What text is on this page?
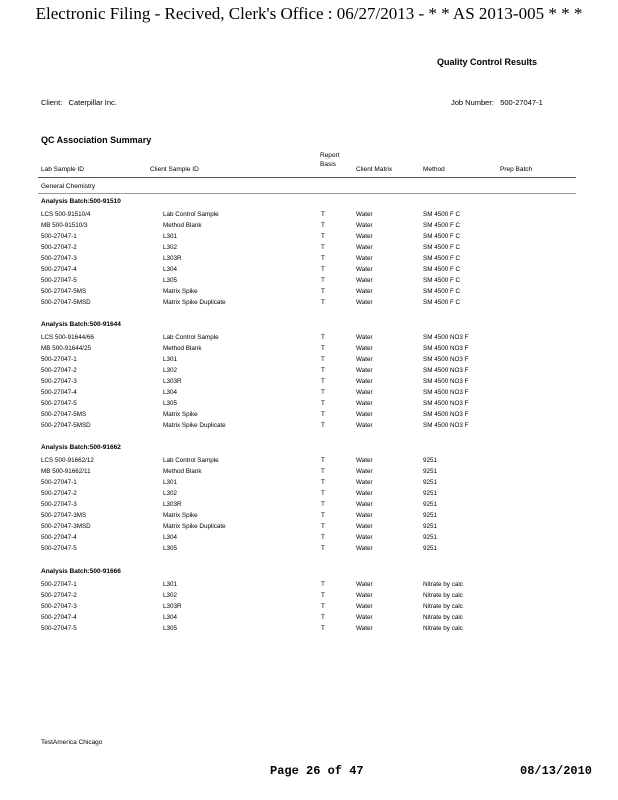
Electronic Filing - Recived, Clerk's Office : 06/27/2013 - * * AS 2013-005 * * *
Quality Control Results
Client: Caterpillar Inc.	Job Number: 500-27047-1
QC Association Summary
Lab Sample ID	Client Sample ID
Report
Basis
Client Matrix	Method	Prep Batch
General Chemistry
Analysis Batch:500-91510
LCS 500-91510/4	Lab Control Sample	T	Water	SM 4500 F C
MB 500-91510/3	Method Blank	T	Water	SM 4500 F C
500-27047-1	L301	T	Water	SM 4500 F C
500-27047-2	L302	T	Water	SM 4500 F C
500-27047-3	L303R	T	Water	SM 4500 F C
500-27047-4	L304	T	Water	SM 4500 F C
500-27047-5	L305	T	Water	SM 4500 F C
500-27047-5MS	Matrix Spike	T	Water	SM 4500 F C
500-27047-5MSD	Matrix Spike Duplicate	T	Water	SM 4500 F C
Analysis Batch:500-91644
LCS 500-91644/66	Lab Control Sample	T	Water	SM 4500 NO3 F
MB 500-91644/25	Method Blank	T	Water	SM 4500 NO3 F
500-27047-1	L301	T	Water	SM 4500 NO3 F
500-27047-2	L302	T	Water	SM 4500 NO3 F
500-27047-3	L303R	T	Water	SM 4500 NO3 F
500-27047-4	L304	T	Water	SM 4500 NO3 F
500-27047-5	L305	T	Water	SM 4500 NO3 F
500-27047-5MS	Matrix Spike	T	Water	SM 4500 NO3 F
500-27047-5MSD	Matrix Spike Duplicate	T	Water	SM 4500 NO3 F
Analysis Batch:500-91662
LCS 500-91662/12	Lab Control Sample	T	Water	9251
MB 500-91662/11	Method Blank	T	Water	9251
500-27047-1	L301	T	Water	9251
500-27047-2	L302	T	Water	9251
500-27047-3	L303R	T	Water	9251
500-27047-3MS	Matrix Spike	T	Water	9251
500-27047-3MSD	Matrix Spike Duplicate	T	Water	9251
500-27047-4	L304	T	Water	9251
500-27047-5	L305	T	Water	9251
Analysis Batch:500-91666
500-27047-1	L301	T	Water	Nitrate by calc
500-27047-2	L302	T	Water	Nitrate by calc
500-27047-3	L303R	T	Water	Nitrate by calc
500-27047-4	L304	T	Water	Nitrate by calc
500-27047-5	L305	T	Water	Nitrate by calc
TestAmerica Chicago
Page 26 of 47	08/13/2010
